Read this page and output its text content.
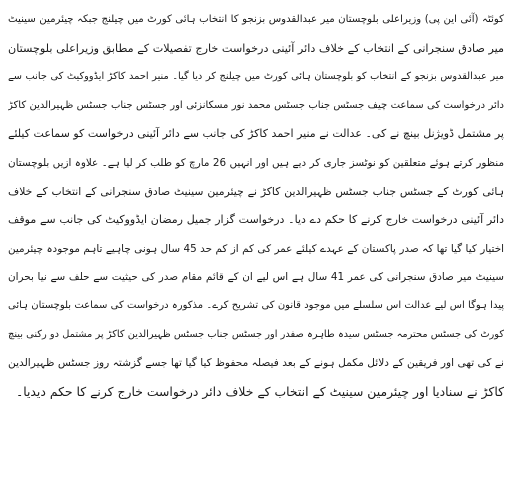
کوئٹہ (آئی این پی) وزیراعلی بلوچستان میر عبدالقدوس بزنجو کا انتخاب ہائی کورٹ میں چیلنج جبکہ چیئرمین سینیٹ
میر صادق سنجرانی کے انتخاب کے خلاف دائر آئینی درخواست خارج تفصیلات کے مطابق وزیراعلی بلوچستان
میر عبدالقدوس بزنجو کے انتخاب کو بلوچستان ہائی کورٹ میں چیلنج کر دیا گیا۔ منیر احمد کاکڑ ایڈووکیٹ کی جانب سے
دائر درخواست کی سماعت چیف جسٹس جناب جسٹس محمد نور مسکانزئی اور جسٹس جناب جسٹس ظہیرالدین کاکڑ
پر مشتمل ڈویژنل بینچ نے کی۔ عدالت نے منیر احمد کاکڑ کی جانب سے دائر آئینی درخواست کو سماعت کیلئے
منظور کرتے ہوئے متعلقین کو نوٹسز جاری کر دیے ہیں اور انہیں 26 مارچ کو طلب کر لیا ہے۔ علاوہ ازیں بلوچستان
ہائی کورٹ کے جسٹس جناب جسٹس ظہیرالدین کاکڑ نے چیئرمین سینیٹ صادق سنجرانی کے انتخاب کے خلاف
دائر آئینی درخواست خارج کرنے کا حکم دے دیا۔ درخواست گزار جمیل رمضان ایڈووکیٹ کی جانب سے موقف
اختیار کیا گیا تھا کہ صدر پاکستان کے عہدے کیلئے عمر کی کم از کم حد 45 سال ہونی چاہیے تاہم موجودہ چیئرمین
سینیٹ میر صادق سنجرانی کی عمر 41 سال ہے اس لیے ان کے قائم مقام صدر کی حیثیت سے حلف سے نیا بحران
پیدا ہوگا اس لیے عدالت اس سلسلے میں موجود قانون کی تشریح کرے۔ مذکورہ درخواست کی سماعت بلوچستان ہائی
کورٹ کی جسٹس محترمہ جسٹس سیدہ طاہرہ صفدر اور جسٹس جناب جسٹس ظہیرالدین کاکڑ پر مشتمل دو رکنی بینچ
نے کی تھی اور فریقین کے دلائل مکمل ہونے کے بعد فیصلہ محفوظ کیا گیا تھا جسے گزشتہ روز جسٹس ظہیرالدین
کاکڑ نے سنادیا اور چیئرمین سینیٹ کے انتخاب کے خلاف دائر درخواست خارج کرنے کا حکم دیدیا۔
